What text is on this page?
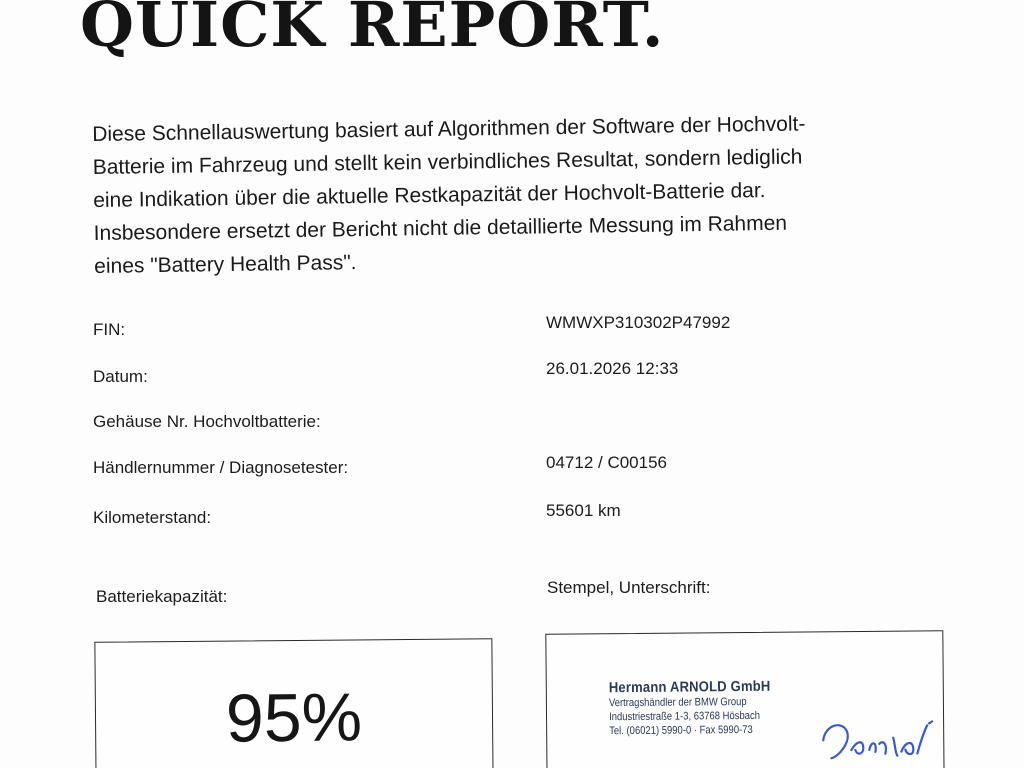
QUICK REPORT.
Diese Schnellauswertung basiert auf Algorithmen der Software der Hochvolt-
Batterie im Fahrzeug und stellt kein verbindliches Resultat, sondern lediglich
eine Indikation über die aktuelle Restkapazität der Hochvolt-Batterie dar.
Insbesondere ersetzt der Bericht nicht die detaillierte Messung im Rahmen
eines "Battery Health Pass".
FIN:	WMWXP310302P47992
Datum:	26.01.2026 12:33
Gehäuse Nr. Hochvoltbatterie:
Händlernummer / Diagnosetester:	04712 / C00156
Kilometerstand:	55601 km
Batteriekapazität:	Stempel, Unterschrift:
95%	Hermann ARNOLD GmbH
Vertragshändler der BMW Group
Industriestraße 1-3, 63768 Hösbach
Tel. (06021) 5990-0 · Fax 5990-73
